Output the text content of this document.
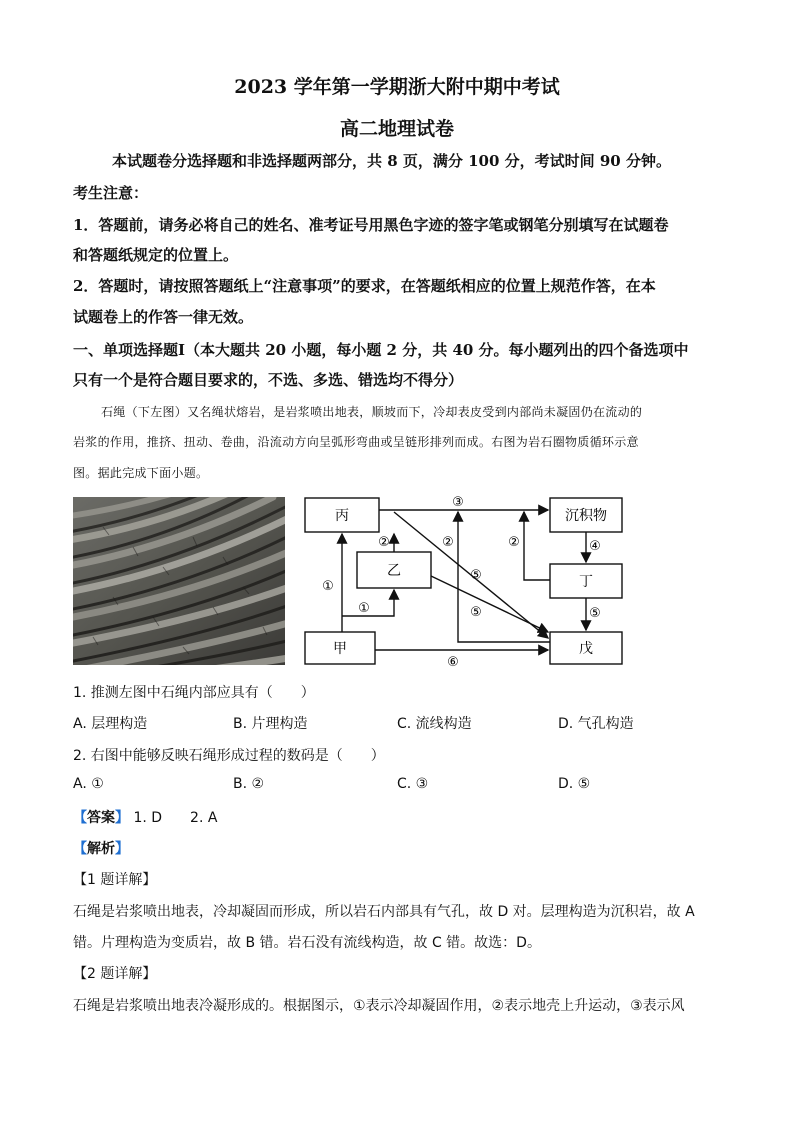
2023 学年第一学期浙大附中期中考试
高二地理试卷
本试题卷分选择题和非选择题两部分，共 8 页，满分 100 分，考试时间 90 分钟。
考生注意：
1．答题前，请务必将自己的姓名、准考证号用黑色字迹的签字笔或钢笔分别填写在试题卷
和答题纸规定的位置上。
2．答题时，请按照答题纸上“注意事项”的要求，在答题纸相应的位置上规范作答，在本
试题卷上的作答一律无效。
一、单项选择题Ⅰ（本大题共 20 小题，每小题 2 分，共 40 分。每小题列出的四个备选项中
只有一个是符合题目要求的，不选、多选、错选均不得分）
石绳（下左图）又名绳状熔岩，是岩浆喷出地表，顺坡而下，冷却表皮受到内部尚未凝固仍在流动的
岩浆的作用，推挤、扭动、卷曲，沿流动方向呈弧形弯曲或呈链形排列而成。右图为岩石圈物质循环示意
图。据此完成下面小题。
丙
乙
甲
沉积物
丁
戊
③
②	②	②	④
⑤
⑤	⑤
①
①
⑥
1. 推测左图中石绳内部应具有（　　）
A. 层理构造	B. 片理构造	C. 流线构造	D. 气孔构造
2. 右图中能够反映石绳形成过程的数码是（　　）
A. ①	B. ②	C. ③	D. ⑤
【答案】 1. D　　2. A
【解析】
【1 题详解】
石绳是岩浆喷出地表，冷却凝固而形成，所以岩石内部具有气孔，故 D 对。层理构造为沉积岩，故 A
错。片理构造为变质岩，故 B 错。岩石没有流线构造，故 C 错。故选：D。
【2 题详解】
石绳是岩浆喷出地表冷凝形成的。根据图示，①表示冷却凝固作用，②表示地壳上升运动，③表示风
